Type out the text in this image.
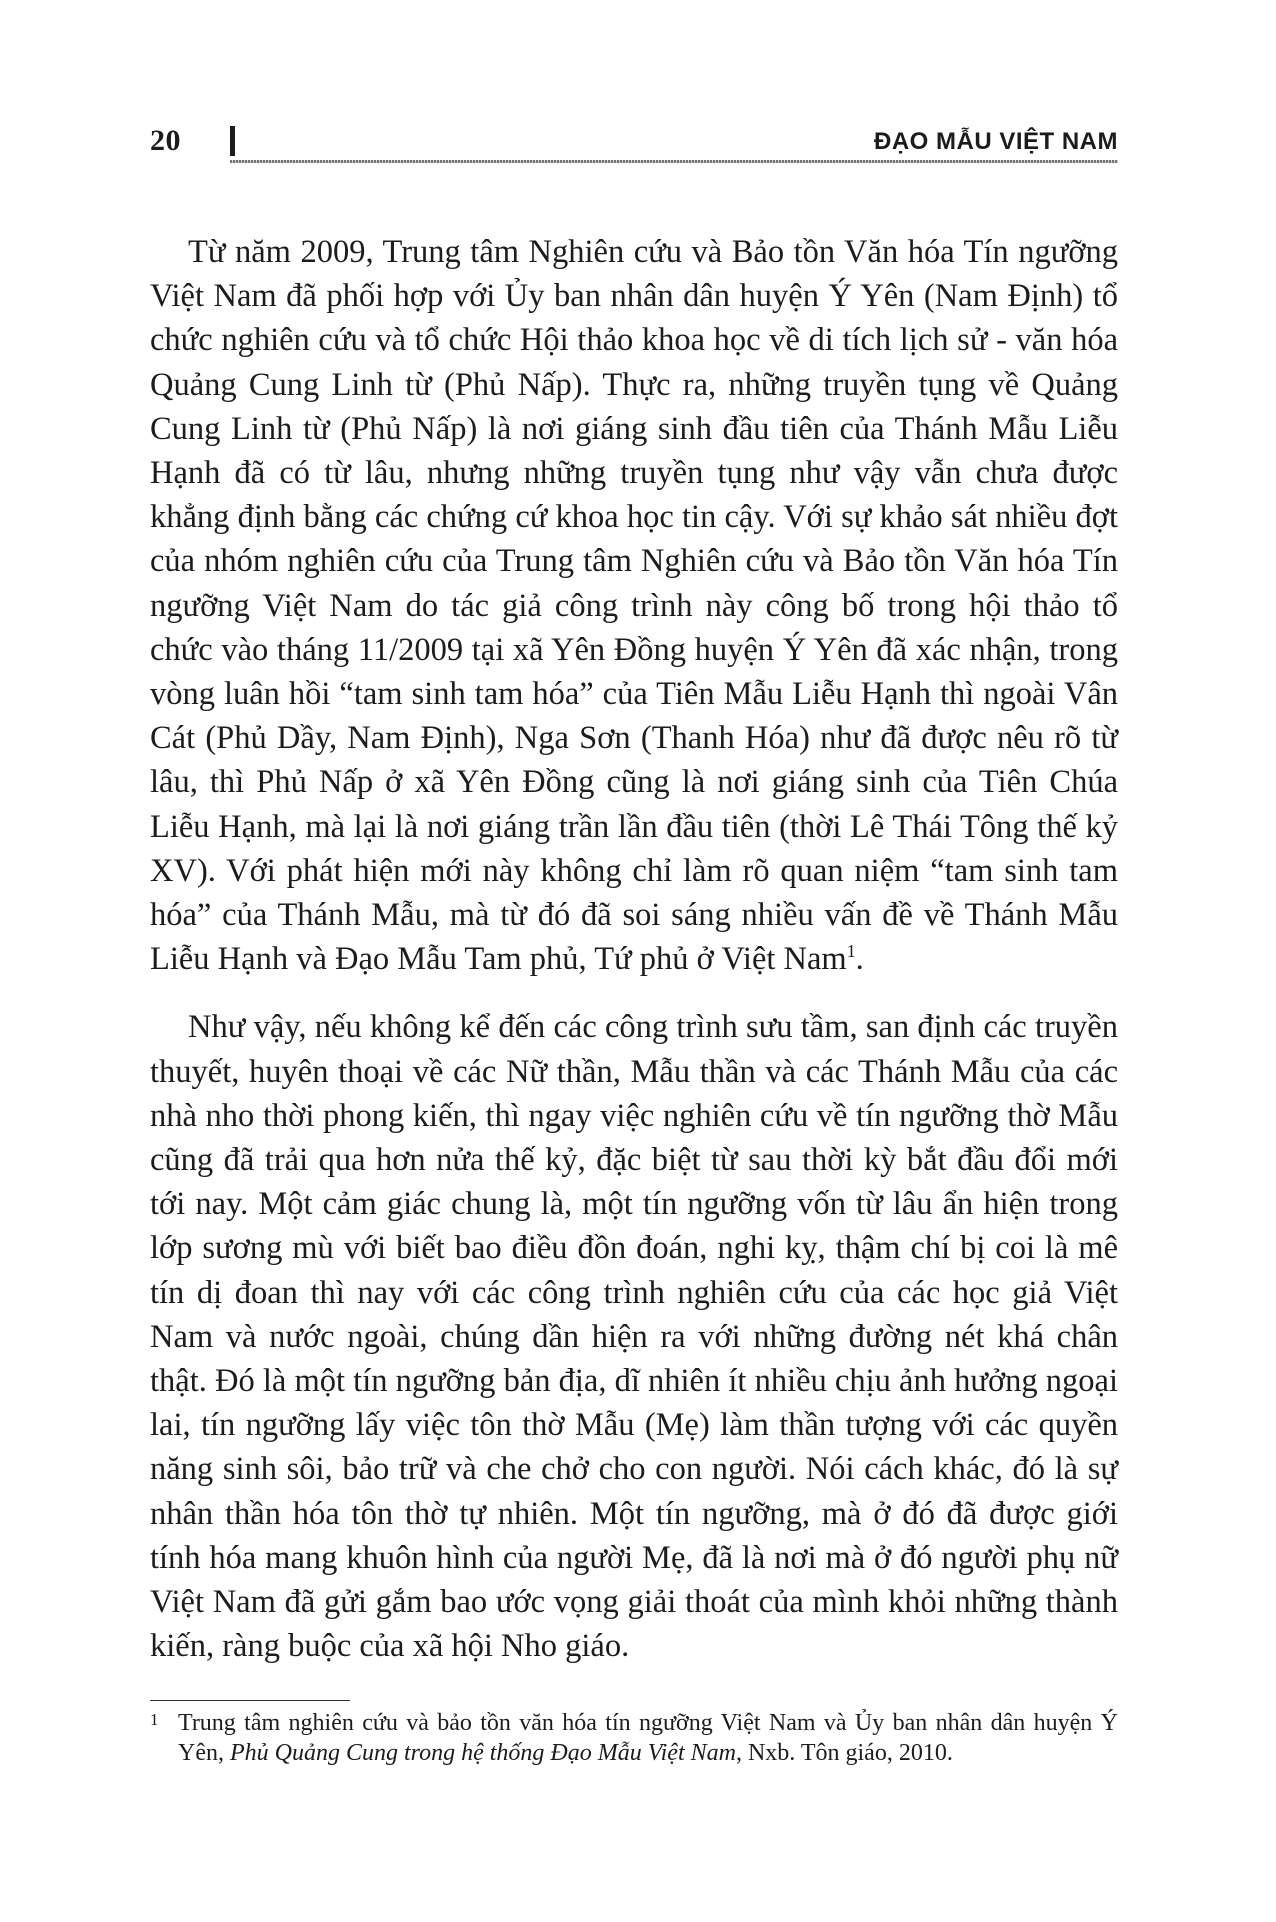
20	ĐẠO MẪU VIỆT NAM

Từ năm 2009, Trung tâm Nghiên cứu và Bảo tồn Văn hóa Tín ngưỡng Việt Nam đã phối hợp với Ủy ban nhân dân huyện Ý Yên (Nam Định) tổ chức nghiên cứu và tổ chức Hội thảo khoa học về di tích lịch sử - văn hóa Quảng Cung Linh từ (Phủ Nấp). Thực ra, những truyền tụng về Quảng Cung Linh từ (Phủ Nấp) là nơi giáng sinh đầu tiên của Thánh Mẫu Liễu Hạnh đã có từ lâu, nhưng những truyền tụng như vậy vẫn chưa được khẳng định bằng các chứng cứ khoa học tin cậy. Với sự khảo sát nhiều đợt của nhóm nghiên cứu của Trung tâm Nghiên cứu và Bảo tồn Văn hóa Tín ngưỡng Việt Nam do tác giả công trình này công bố trong hội thảo tổ chức vào tháng 11/2009 tại xã Yên Đồng huyện Ý Yên đã xác nhận, trong vòng luân hồi “tam sinh tam hóa” của Tiên Mẫu Liễu Hạnh thì ngoài Vân Cát (Phủ Dầy, Nam Định), Nga Sơn (Thanh Hóa) như đã được nêu rõ từ lâu, thì Phủ Nấp ở xã Yên Đồng cũng là nơi giáng sinh của Tiên Chúa Liễu Hạnh, mà lại là nơi giáng trần lần đầu tiên (thời Lê Thái Tông thế kỷ XV). Với phát hiện mới này không chỉ làm rõ quan niệm “tam sinh tam hóa” của Thánh Mẫu, mà từ đó đã soi sáng nhiều vấn đề về Thánh Mẫu Liễu Hạnh và Đạo Mẫu Tam phủ, Tứ phủ ở Việt Nam$^1$.

Như vậy, nếu không kể đến các công trình sưu tầm, san định các truyền thuyết, huyên thoại về các Nữ thần, Mẫu thần và các Thánh Mẫu của các nhà nho thời phong kiến, thì ngay việc nghiên cứu về tín ngưỡng thờ Mẫu cũng đã trải qua hơn nửa thế kỷ, đặc biệt từ sau thời kỳ bắt đầu đổi mới tới nay. Một cảm giác chung là, một tín ngưỡng vốn từ lâu ẩn hiện trong lớp sương mù với biết bao điều đồn đoán, nghi kỵ, thậm chí bị coi là mê tín dị đoan thì nay với các công trình nghiên cứu của các học giả Việt Nam và nước ngoài, chúng dần hiện ra với những đường nét khá chân thật. Đó là một tín ngưỡng bản địa, dĩ nhiên ít nhiều chịu ảnh hưởng ngoại lai, tín ngưỡng lấy việc tôn thờ Mẫu (Mẹ) làm thần tượng với các quyền năng sinh sôi, bảo trữ và che chở cho con người. Nói cách khác, đó là sự nhân thần hóa tôn thờ tự nhiên. Một tín ngưỡng, mà ở đó đã được giới tính hóa mang khuôn hình của người Mẹ, đã là nơi mà ở đó người phụ nữ Việt Nam đã gửi gắm bao ước vọng giải thoát của mình khỏi những thành kiến, ràng buộc của xã hội Nho giáo.

1 Trung tâm nghiên cứu và bảo tồn văn hóa tín ngưỡng Việt Nam và Ủy ban nhân dân huyện Ý Yên, Phủ Quảng Cung trong hệ thống Đạo Mẫu Việt Nam, Nxb. Tôn giáo, 2010.
